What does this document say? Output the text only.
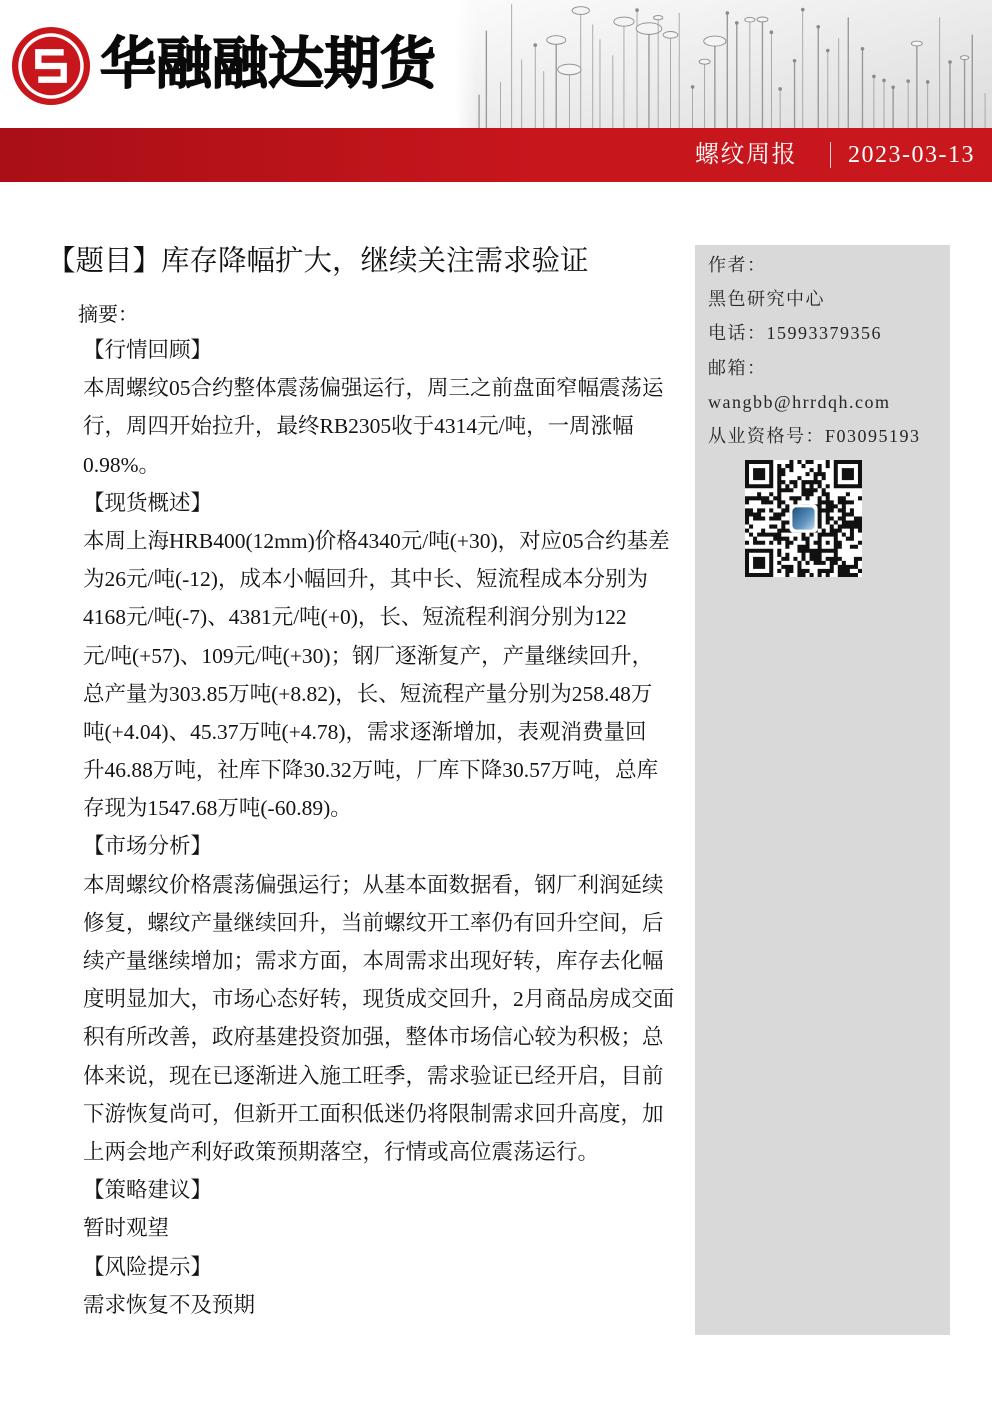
华融融达期货
螺纹周报 2023-03-13
【题目】库存降幅扩大，继续关注需求验证
摘要：
【行情回顾】
本周螺纹05合约整体震荡偏强运行，周三之前盘面窄幅震荡运
行，周四开始拉升，最终RB2305收于4314元/吨，一周涨幅
0.98%。
【现货概述】
本周上海HRB400(12mm)价格4340元/吨(+30)，对应05合约基差
为26元/吨(-12)，成本小幅回升，其中长、短流程成本分别为
4168元/吨(-7)、4381元/吨(+0)，长、短流程利润分别为122
元/吨(+57)、109元/吨(+30)；钢厂逐渐复产，产量继续回升，
总产量为303.85万吨(+8.82)，长、短流程产量分别为258.48万
吨(+4.04)、45.37万吨(+4.78)，需求逐渐增加，表观消费量回
升46.88万吨，社库下降30.32万吨，厂库下降30.57万吨，总库
存现为1547.68万吨(-60.89)。
【市场分析】
本周螺纹价格震荡偏强运行；从基本面数据看，钢厂利润延续
修复，螺纹产量继续回升，当前螺纹开工率仍有回升空间，后
续产量继续增加；需求方面，本周需求出现好转，库存去化幅
度明显加大，市场心态好转，现货成交回升，2月商品房成交面
积有所改善，政府基建投资加强，整体市场信心较为积极；总
体来说，现在已逐渐进入施工旺季，需求验证已经开启，目前
下游恢复尚可，但新开工面积低迷仍将限制需求回升高度，加
上两会地产利好政策预期落空，行情或高位震荡运行。
【策略建议】
暂时观望
【风险提示】
需求恢复不及预期
作者：
黑色研究中心
电话：15993379356
邮箱：
wangbb@hrrdqh.com
从业资格号：F03095193
